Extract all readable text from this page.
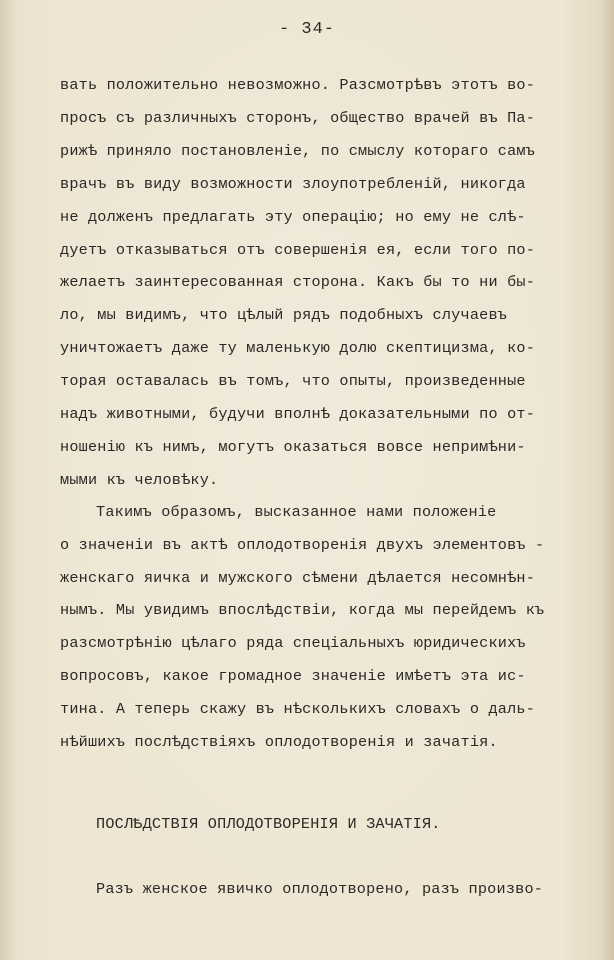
- 34-
вать положительно невозможно. Разсмотрѣвъ этотъ во-
просъ съ различныхъ сторонъ, общество врачей въ Па-
рижѣ приняло постановленіе, по смыслу котораго самъ
врачъ въ виду возможности злоупотребленій, никогда
не долженъ предлагать эту операцію; но ему не слѣ-
дуетъ отказываться отъ совершенія ея, если того по-
желаетъ заинтересованная сторона. Какъ бы то ни бы-
ло, мы видимъ, что цѣлый рядъ подобныхъ случаевъ
уничтожаетъ даже ту маленькую долю скептицизма, ко-
торая оставалась въ томъ, что опыты, произведенные
надъ животными, будучи вполнѣ доказательными по от-
ношенію къ нимъ, могутъ оказаться вовсе непримѣни-
мыми къ человѣку.
Такимъ образомъ, высказанное нами положеніе
о значеніи въ актѣ оплодотворенія двухъ элементовъ -
женскаго яичка и мужского сѣмени дѣлается несомнѣн-
нымъ. Мы увидимъ впослѣдствіи, когда мы перейдемъ къ
разсмотрѣнію цѣлаго ряда спеціальныхъ юридическихъ
вопросовъ, какое громадное значеніе имѣетъ эта ис-
тина. А теперь скажу въ нѣсколькихъ словахъ о даль-
нѣйшихъ послѣдствіяхъ оплодотворенія и зачатія.
ПОСЛѢДСТВІЯ ОПЛОДОТВОРЕНІЯ И ЗАЧАТІЯ.
Разъ женское явичко оплодотворено, разъ произво-
